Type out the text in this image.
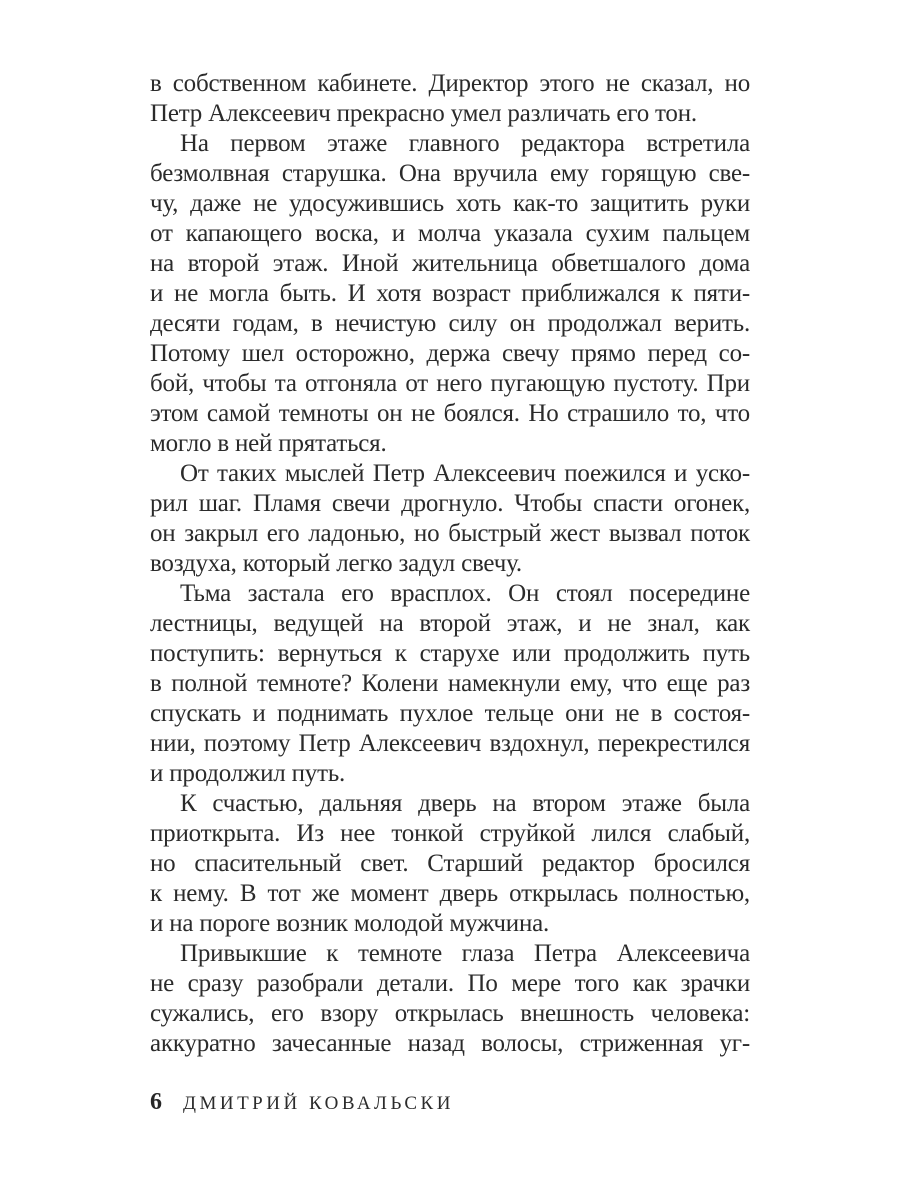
в собственном кабинете. Директор этого не сказал, но
Петр Алексеевич прекрасно умел различать его тон.
На первом этаже главного редактора встретила
безмолвная старушка. Она вручила ему горящую све-
чу, даже не удосужившись хоть как-то защитить руки
от капающего воска, и молча указала сухим пальцем
на второй этаж. Иной жительница обветшалого дома
и не могла быть. И хотя возраст приближался к пяти-
десяти годам, в нечистую силу он продолжал верить.
Потому шел осторожно, держа свечу прямо перед со-
бой, чтобы та отгоняла от него пугающую пустоту. При
этом самой темноты он не боялся. Но страшило то, что
могло в ней прятаться.
От таких мыслей Петр Алексеевич поежился и уско-
рил шаг. Пламя свечи дрогнуло. Чтобы спасти огонек,
он закрыл его ладонью, но быстрый жест вызвал поток
воздуха, который легко задул свечу.
Тьма застала его врасплох. Он стоял посередине
лестницы, ведущей на второй этаж, и не знал, как
поступить: вернуться к старухе или продолжить путь
в полной темноте? Колени намекнули ему, что еще раз
спускать и поднимать пухлое тельце они не в состоя-
нии, поэтому Петр Алексеевич вздохнул, перекрестился
и продолжил путь.
К счастью, дальняя дверь на втором этаже была
приоткрыта. Из нее тонкой струйкой лился слабый,
но спасительный свет. Старший редактор бросился
к нему. В тот же момент дверь открылась полностью,
и на пороге возник молодой мужчина.
Привыкшие к темноте глаза Петра Алексеевича
не сразу разобрали детали. По мере того как зрачки
сужались, его взору открылась внешность человека:
аккуратно зачесанные назад волосы, стриженная уг-
6 ДМИТРИЙ КОВАЛЬСКИ
